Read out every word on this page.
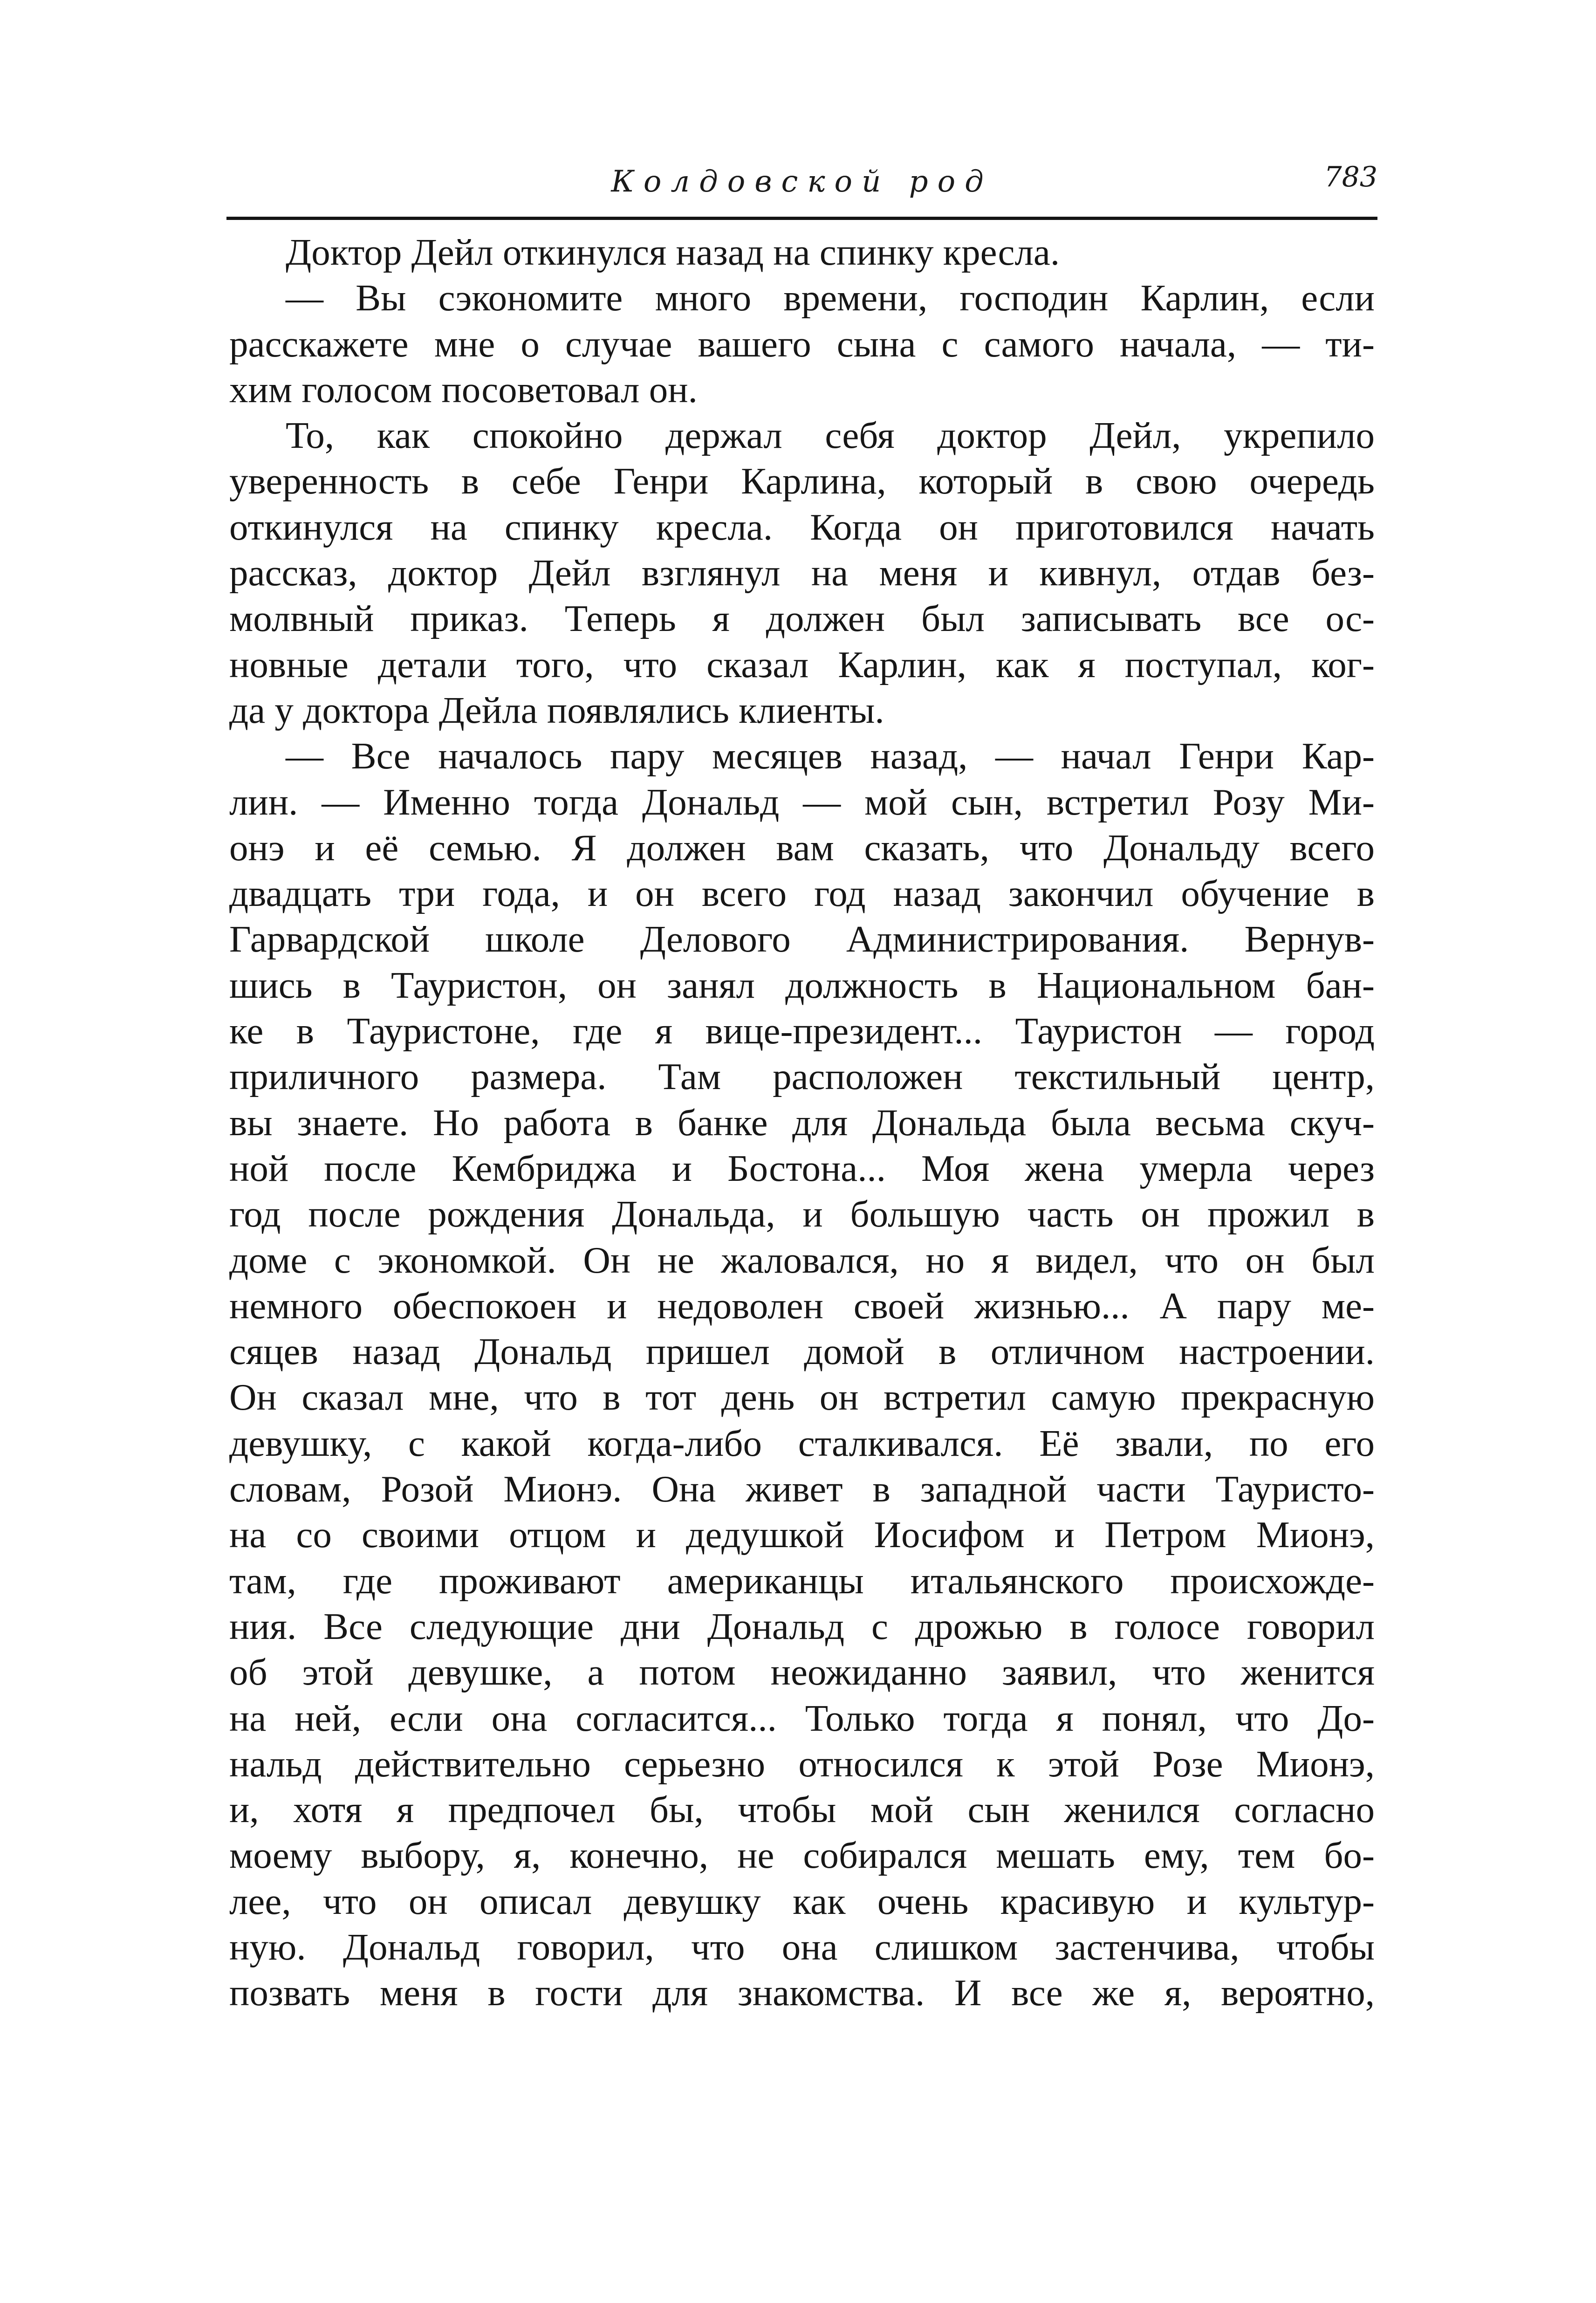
Колдовской род	783
Доктор Дейл откинулся назад на спинку кресла.
— Вы сэкономите много времени, господин Карлин, если
расскажете мне о случае вашего сына с самого начала, — ти-
хим голосом посоветовал он.
То, как спокойно держал себя доктор Дейл, укрепило
уверенность в себе Генри Карлина, который в свою очередь
откинулся на спинку кресла. Когда он приготовился начать
рассказ, доктор Дейл взглянул на меня и кивнул, отдав без-
молвный приказ. Теперь я должен был записывать все ос-
новные детали того, что сказал Карлин, как я поступал, ког-
да у доктора Дейла появлялись клиенты.
— Все началось пару месяцев назад, — начал Генри Кар-
лин. — Именно тогда Дональд — мой сын, встретил Розу Ми-
онэ и её семью. Я должен вам сказать, что Дональду всего
двадцать три года, и он всего год назад закончил обучение в
Гарвардской школе Делового Администрирования. Вернув-
шись в Тауристон, он занял должность в Национальном бан-
ке в Тауристоне, где я вице-президент... Тауристон — город
приличного размера. Там расположен текстильный центр,
вы знаете. Но работа в банке для Дональда была весьма скуч-
ной после Кембриджа и Бостона... Моя жена умерла через
год после рождения Дональда, и большую часть он прожил в
доме с экономкой. Он не жаловался, но я видел, что он был
немного обеспокоен и недоволен своей жизнью... А пару ме-
сяцев назад Дональд пришел домой в отличном настроении.
Он сказал мне, что в тот день он встретил самую прекрасную
девушку, с какой когда-либо сталкивался. Её звали, по его
словам, Розой Мионэ. Она живет в западной части Тауристо-
на со своими отцом и дедушкой Иосифом и Петром Мионэ,
там, где проживают американцы итальянского происхожде-
ния. Все следующие дни Дональд с дрожью в голосе говорил
об этой девушке, а потом неожиданно заявил, что женится
на ней, если она согласится... Только тогда я понял, что До-
нальд действительно серьезно относился к этой Розе Мионэ,
и, хотя я предпочел бы, чтобы мой сын женился согласно
моему выбору, я, конечно, не собирался мешать ему, тем бо-
лее, что он описал девушку как очень красивую и культур-
ную. Дональд говорил, что она слишком застенчива, чтобы
позвать меня в гости для знакомства. И все же я, вероятно,
